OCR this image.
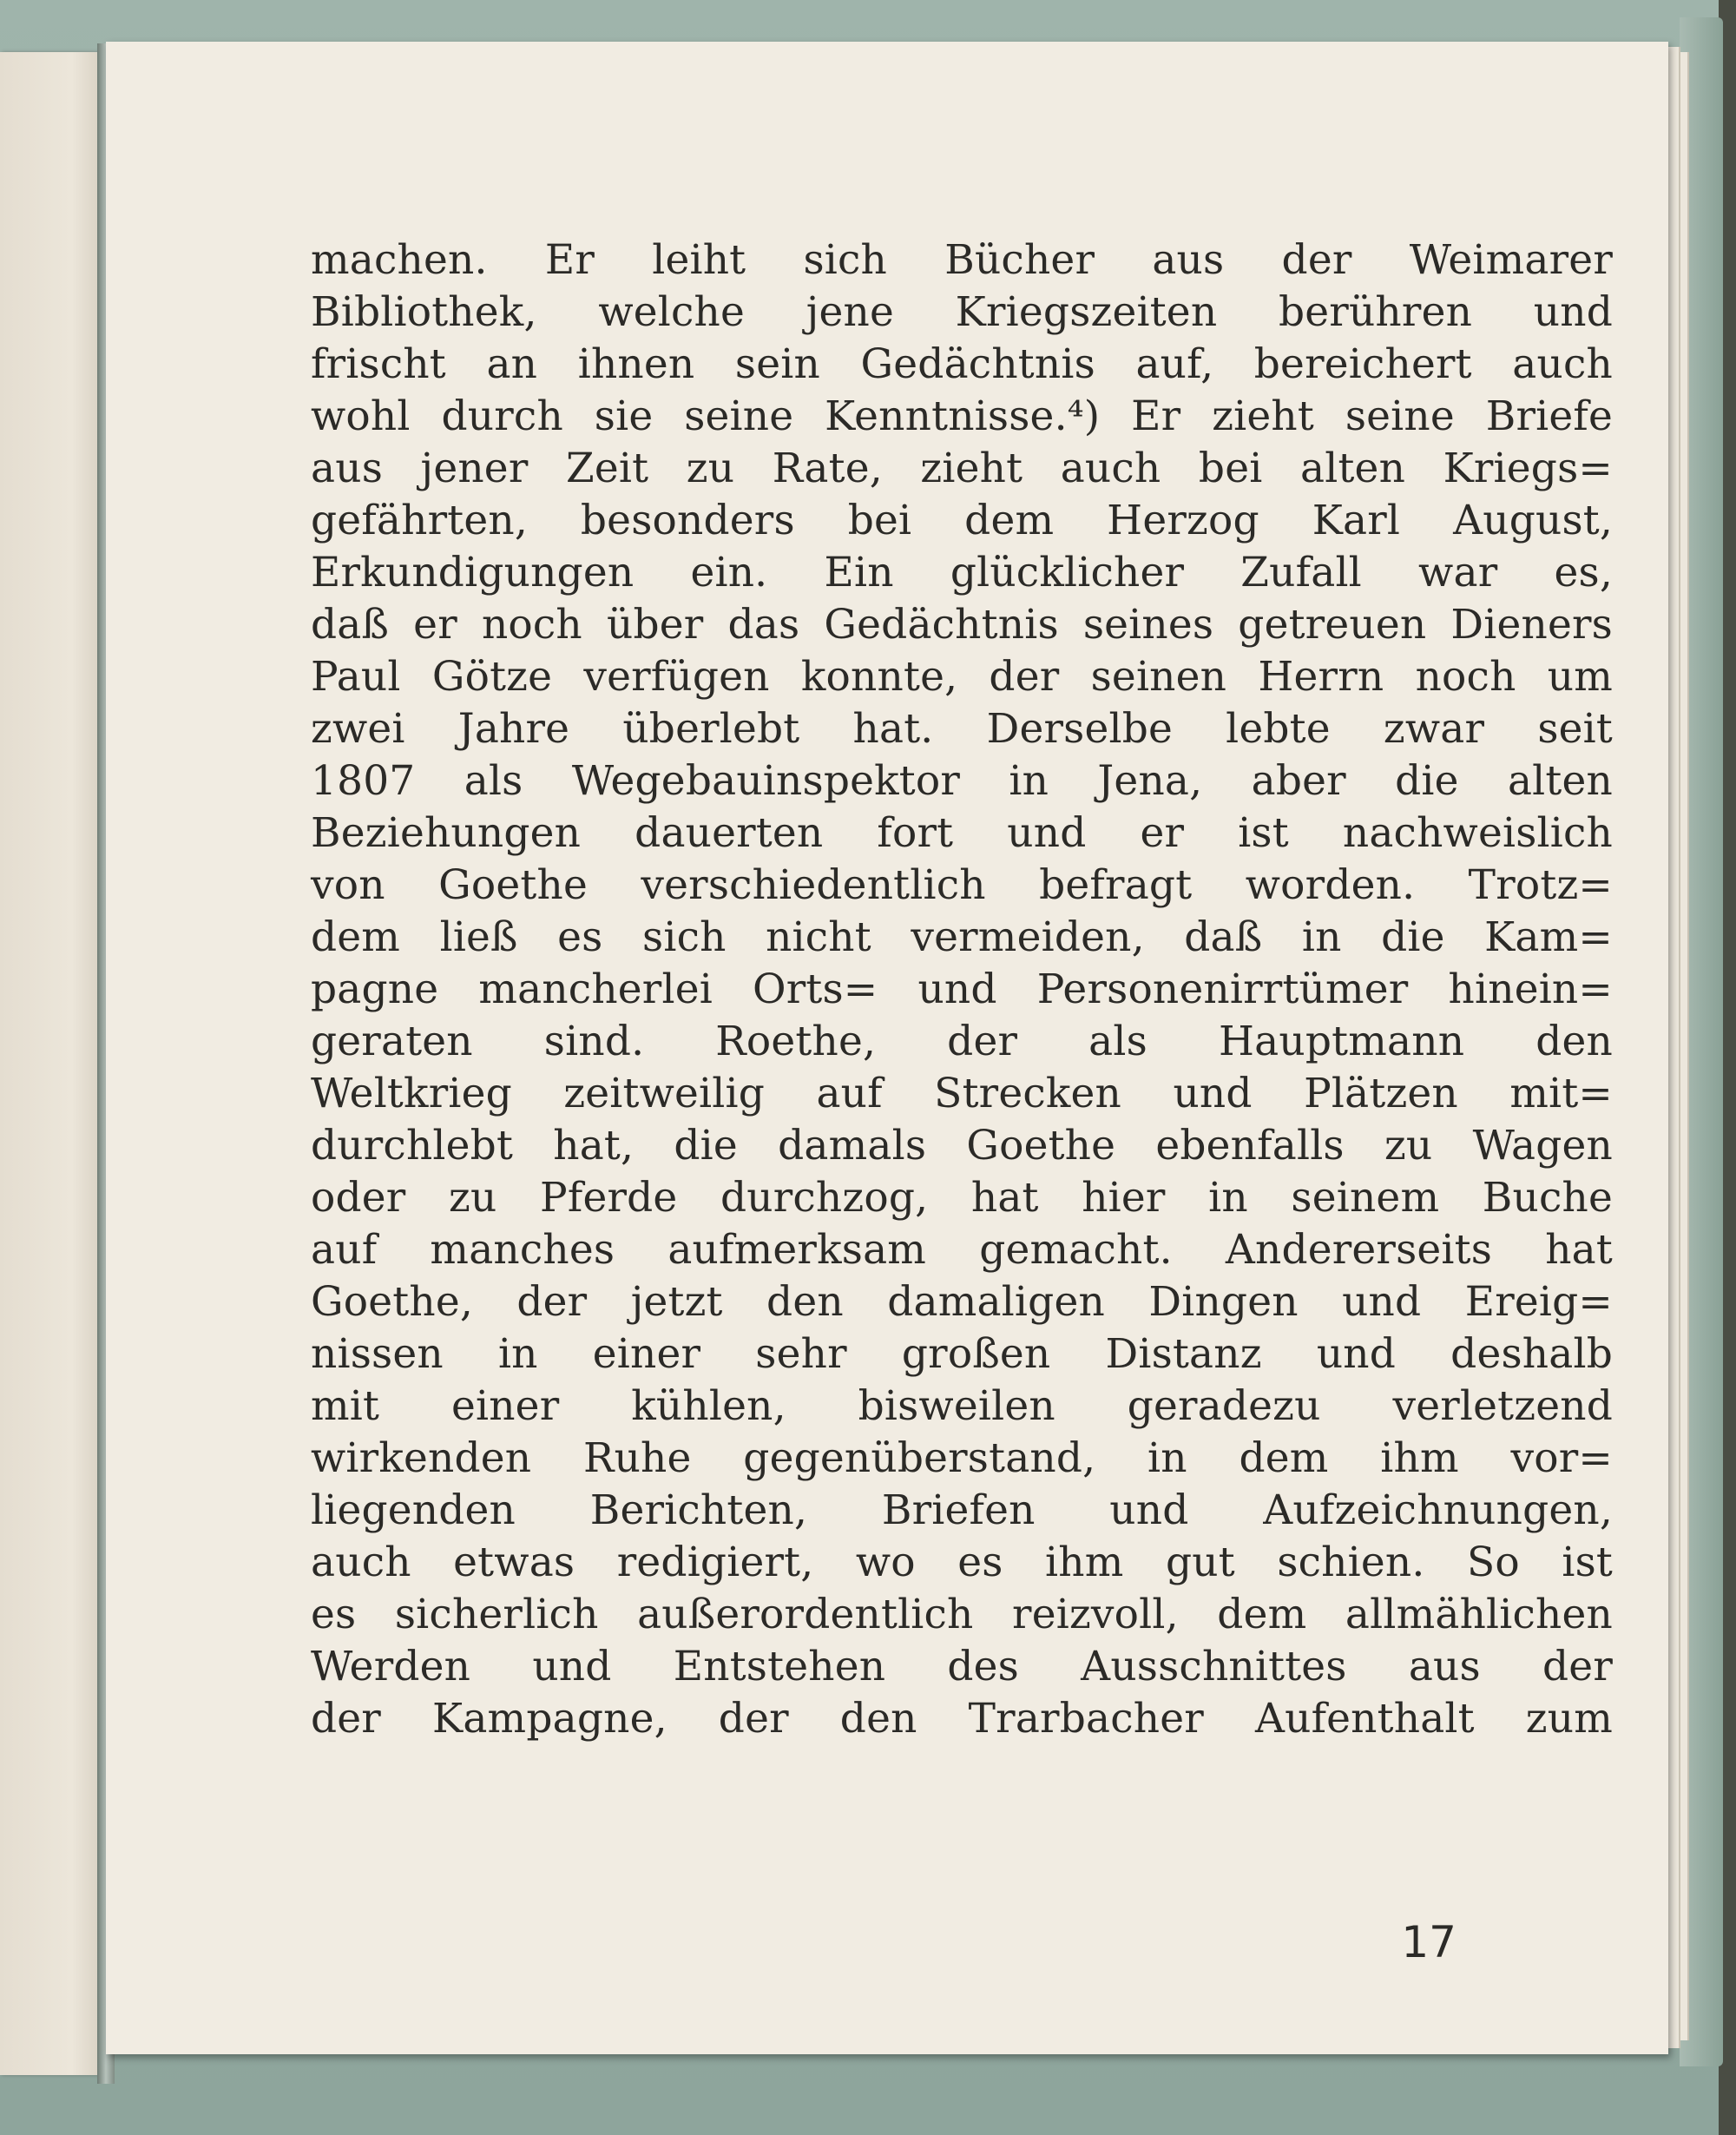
machen. Er leiht sich Bücher aus der Weimarer
Bibliothek, welche jene Kriegszeiten berühren und
frischt an ihnen sein Gedächtnis auf, bereichert auch
wohl durch sie seine Kenntnisse.⁴) Er zieht seine Briefe
aus jener Zeit zu Rate, zieht auch bei alten Kriegs=
gefährten, besonders bei dem Herzog Karl August,
Erkundigungen ein. Ein glücklicher Zufall war es,
daß er noch über das Gedächtnis seines getreuen Dieners
Paul Götze verfügen konnte, der seinen Herrn noch um
zwei Jahre überlebt hat. Derselbe lebte zwar seit
1807 als Wegebauinspektor in Jena, aber die alten
Beziehungen dauerten fort und er ist nachweislich
von Goethe verschiedentlich befragt worden. Trotz=
dem ließ es sich nicht vermeiden, daß in die Kam=
pagne mancherlei Orts= und Personenirrtümer hinein=
geraten sind. Roethe, der als Hauptmann den
Weltkrieg zeitweilig auf Strecken und Plätzen mit=
durchlebt hat, die damals Goethe ebenfalls zu Wagen
oder zu Pferde durchzog, hat hier in seinem Buche
auf manches aufmerksam gemacht. Andererseits hat
Goethe, der jetzt den damaligen Dingen und Ereig=
nissen in einer sehr großen Distanz und deshalb
mit einer kühlen, bisweilen geradezu verletzend
wirkenden Ruhe gegenüberstand, in dem ihm vor=
liegenden Berichten, Briefen und Aufzeichnungen,
auch etwas redigiert, wo es ihm gut schien. So ist
es sicherlich außerordentlich reizvoll, dem allmählichen
Werden und Entstehen des Ausschnittes aus der
der Kampagne, der den Trarbacher Aufenthalt zum
17
